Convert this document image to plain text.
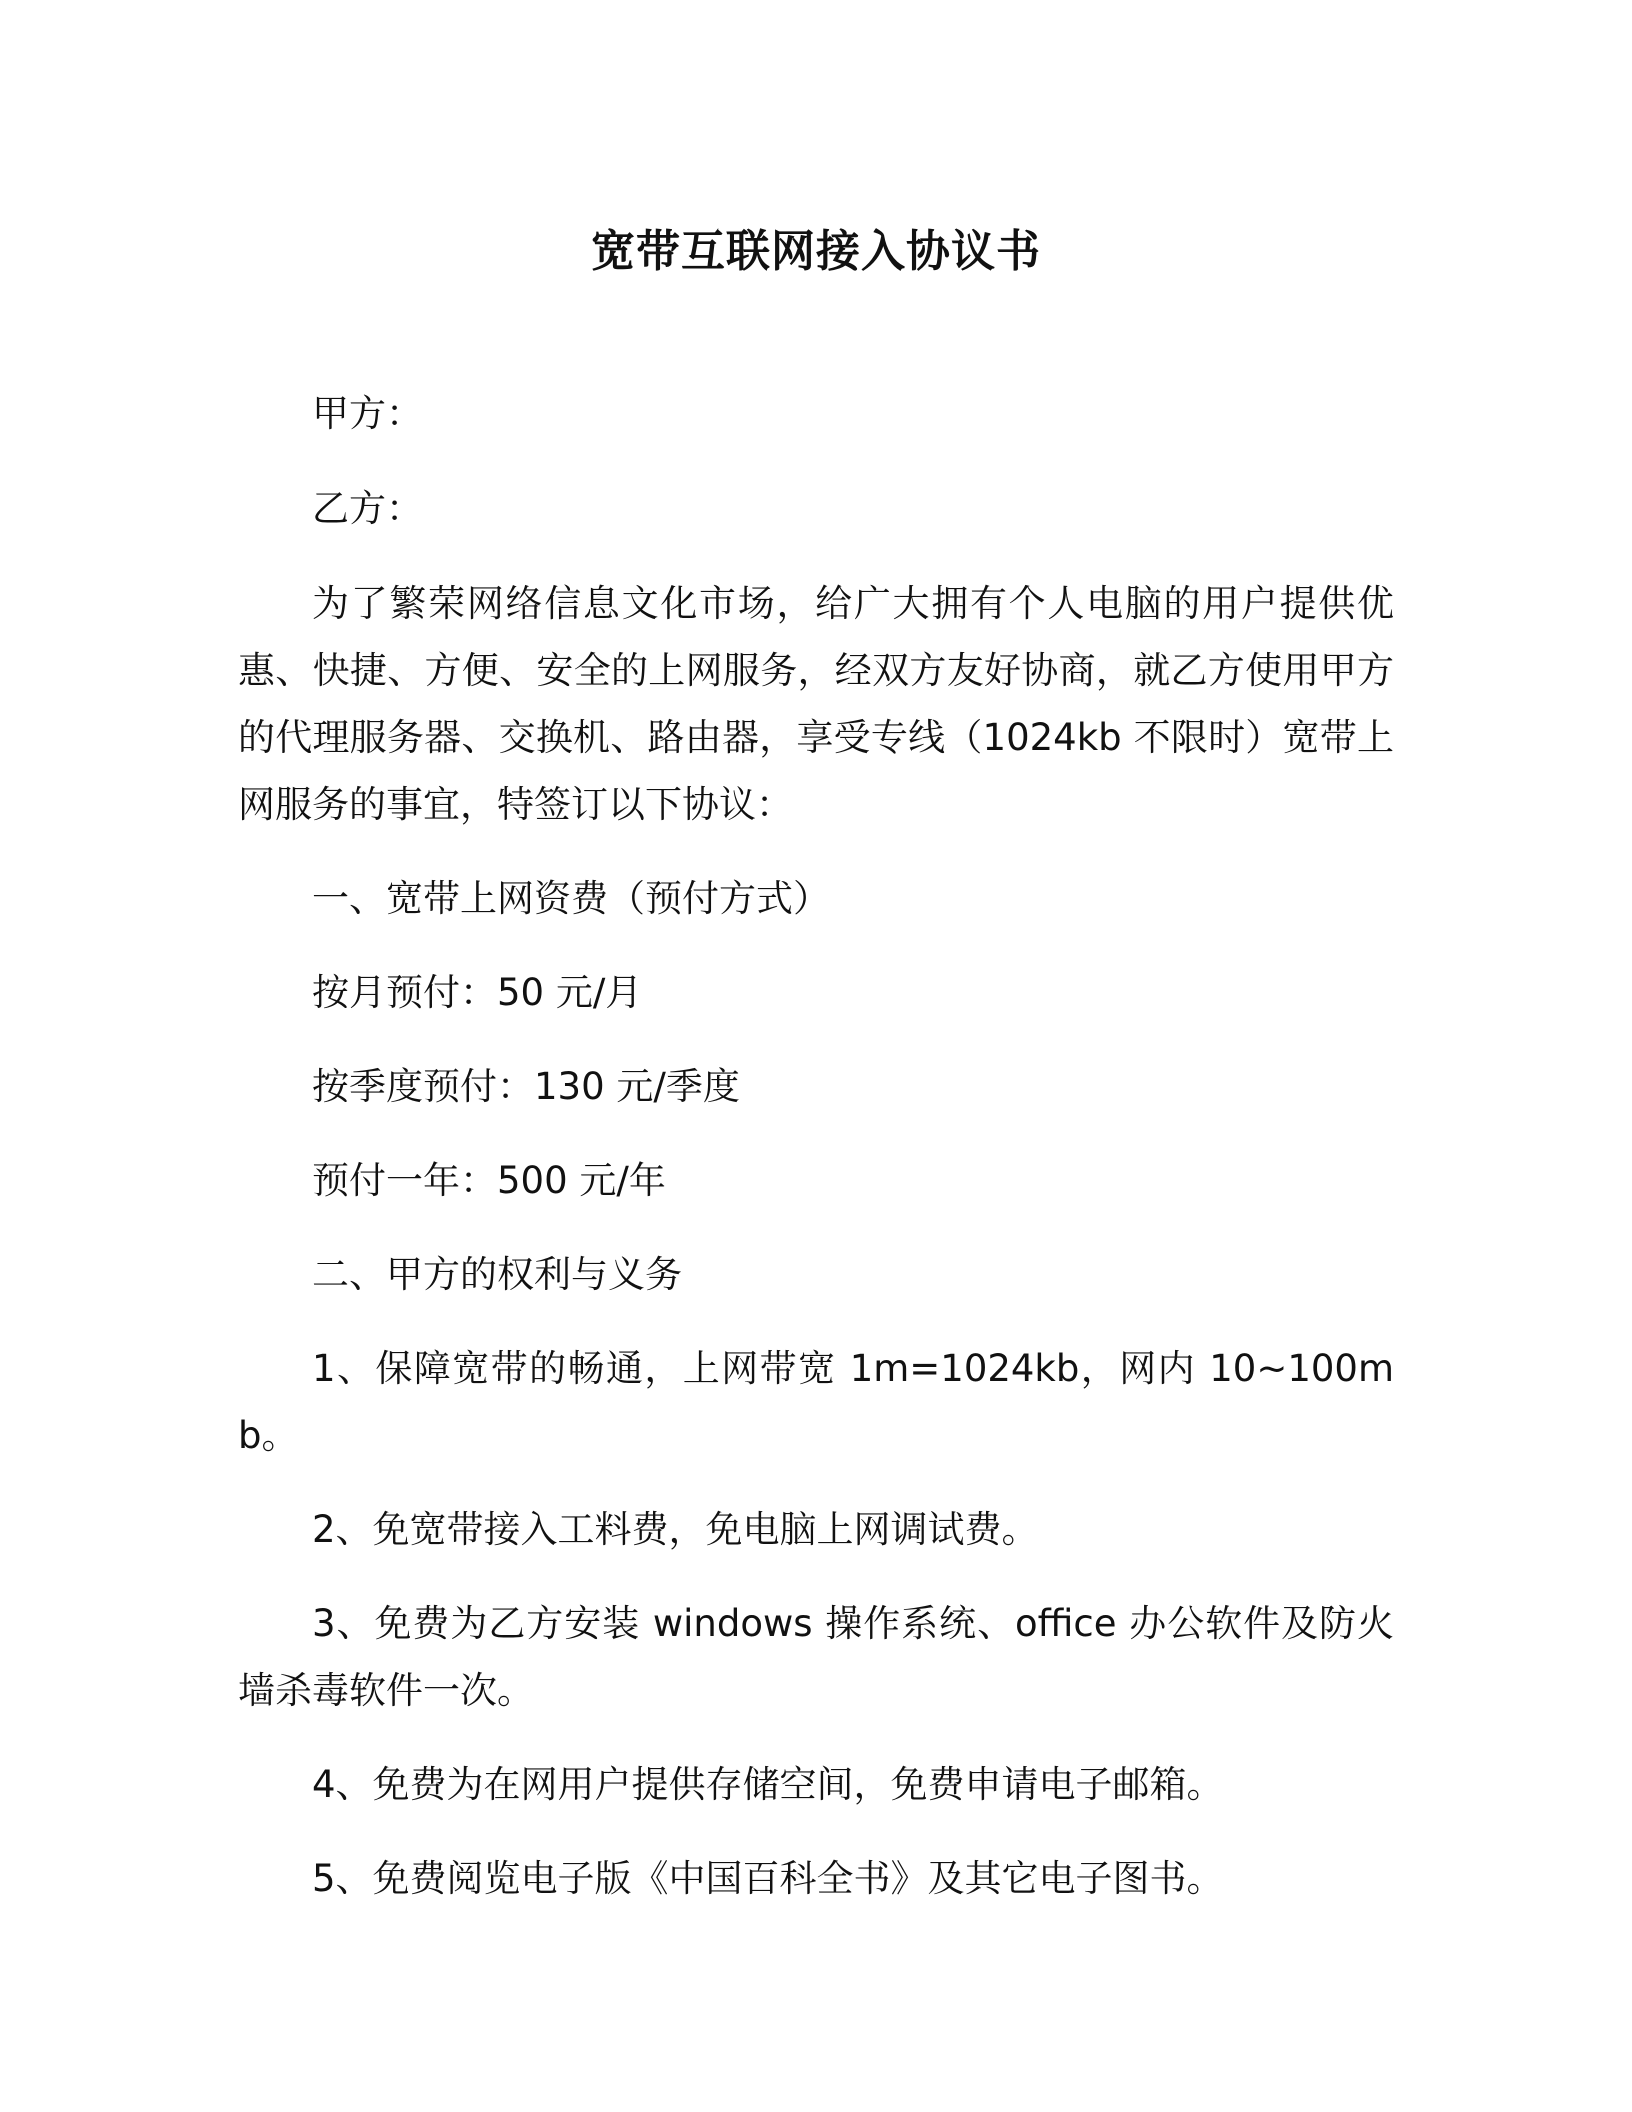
宽带互联网接入协议书

甲方：

乙方：

为了繁荣网络信息文化市场，给广大拥有个人电脑的用户提供优惠、快捷、方便、安全的上网服务，经双方友好协商，就乙方使用甲方的代理服务器、交换机、路由器，享受专线（1024kb 不限时）宽带上网服务的事宜，特签订以下协议：

一、宽带上网资费（预付方式）

按月预付：50 元/月

按季度预付：130 元/季度

预付一年：500 元/年

二、甲方的权利与义务

1、保障宽带的畅通，上网带宽 1m=1024kb，网内 10~100mb。

2、免宽带接入工料费，免电脑上网调试费。

3、免费为乙方安装 windows 操作系统、office 办公软件及防火墙杀毒软件一次。

4、免费为在网用户提供存储空间，免费申请电子邮箱。

5、免费阅览电子版《中国百科全书》及其它电子图书。
